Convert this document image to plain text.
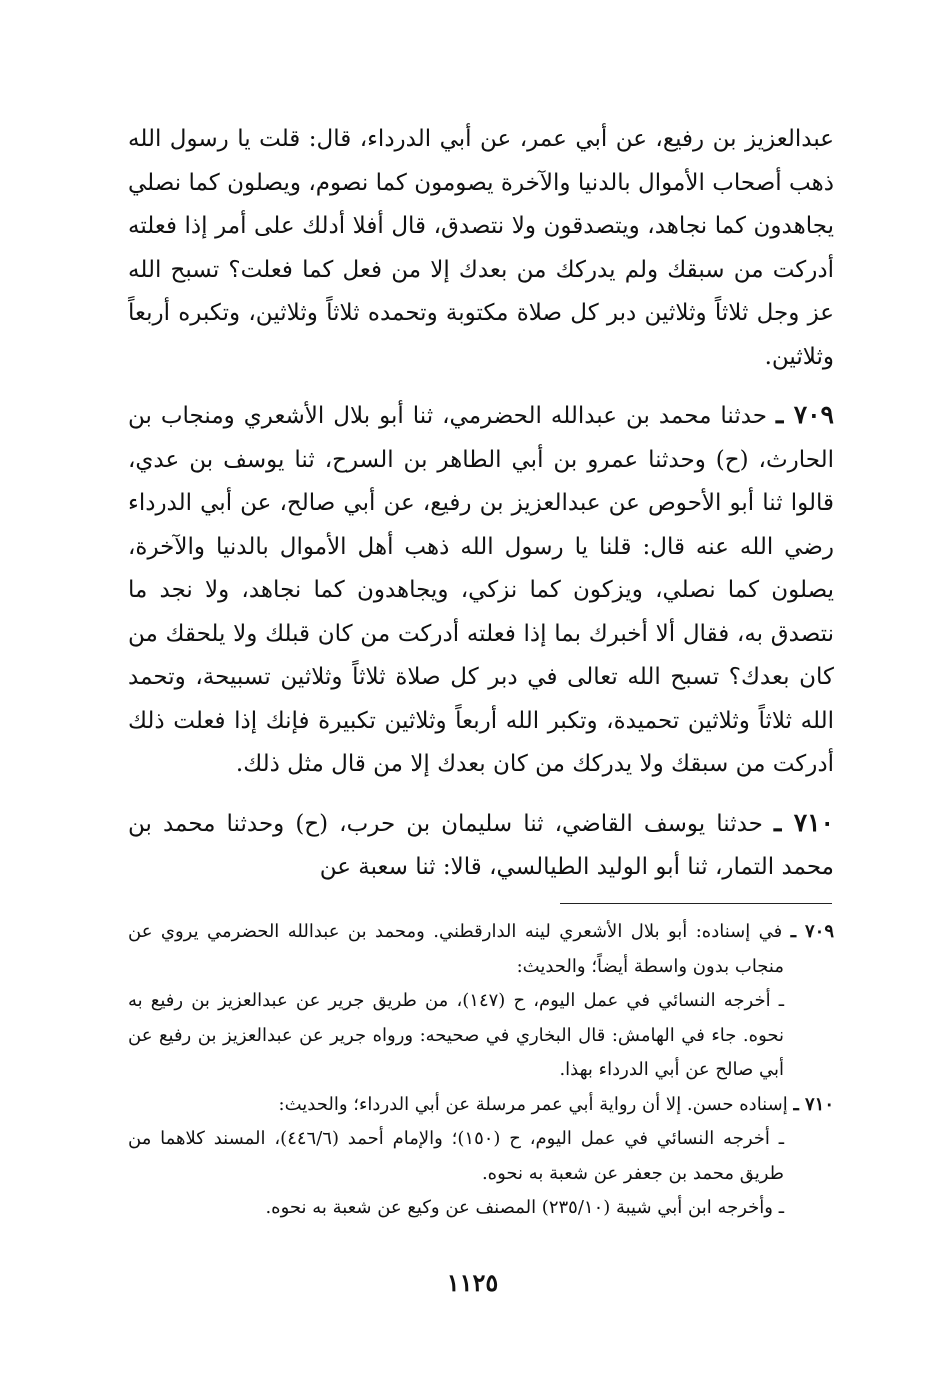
عبدالعزيز بن رفيع، عن أبي عمر، عن أبي الدرداء، قال: قلت يا رسول الله ذهب أصحاب الأموال بالدنيا والآخرة يصومون كما نصوم، ويصلون كما نصلي يجاهدون كما نجاهد، ويتصدقون ولا نتصدق، قال أفلا أدلك على أمر إذا فعلته أدركت من سبقك ولم يدركك من بعدك إلا من فعل كما فعلت؟ تسبح الله عز وجل ثلاثاً وثلاثين دبر كل صلاة مكتوبة وتحمده ثلاثاً وثلاثين، وتكبره أربعاً وثلاثين.

٧٠٩ ـ حدثنا محمد بن عبدالله الحضرمي، ثنا أبو بلال الأشعري ومنجاب بن الحارث، (ح) وحدثنا عمرو بن أبي الطاهر بن السرح، ثنا يوسف بن عدي، قالوا ثنا أبو الأحوص عن عبدالعزيز بن رفيع، عن أبي صالح، عن أبي الدرداء رضي الله عنه قال: قلنا يا رسول الله ذهب أهل الأموال بالدنيا والآخرة، يصلون كما نصلي، ويزكون كما نزكي، ويجاهدون كما نجاهد، ولا نجد ما نتصدق به، فقال ألا أخبرك بما إذا فعلته أدركت من كان قبلك ولا يلحقك من كان بعدك؟ تسبح الله تعالى في دبر كل صلاة ثلاثاً وثلاثين تسبيحة، وتحمد الله ثلاثاً وثلاثين تحميدة، وتكبر الله أربعاً وثلاثين تكبيرة فإنك إذا فعلت ذلك أدركت من سبقك ولا يدركك من كان بعدك إلا من قال مثل ذلك.

٧١٠ ـ حدثنا يوسف القاضي، ثنا سليمان بن حرب، (ح) وحدثنا محمد بن محمد التمار، ثنا أبو الوليد الطيالسي، قالا: ثنا سعبة عن

٧٠٩ ـ في إسناده: أبو بلال الأشعري لينه الدارقطني. ومحمد بن عبدالله الحضرمي يروي عن منجاب بدون واسطة أيضاً؛ والحديث:

ـ أخرجه النسائي في عمل اليوم، ح (١٤٧)، من طريق جرير عن عبدالعزيز بن رفيع به نحوه. جاء في الهامش: قال البخاري في صحيحه: ورواه جرير عن عبدالعزيز بن رفيع عن أبي صالح عن أبي الدرداء بهذا.

٧١٠ ـ إسناده حسن. إلا أن رواية أبي عمر مرسلة عن أبي الدرداء؛ والحديث:

ـ أخرجه النسائي في عمل اليوم، ح (١٥٠)؛ والإمام أحمد (٤٤٦/٦)، المسند كلاهما من طريق محمد بن جعفر عن شعبة به نحوه.

ـ وأخرجه ابن أبي شيبة (٢٣٥/١٠) المصنف عن وكيع عن شعبة به نحوه.

١١٢٥
